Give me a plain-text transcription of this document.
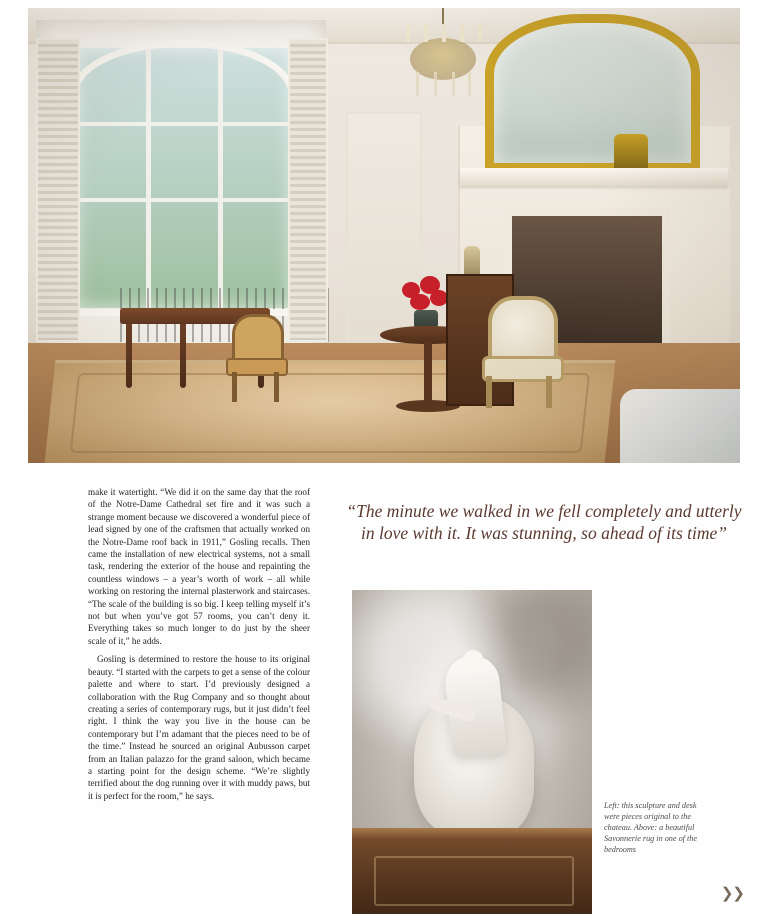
make it watertight. “We did it on the same day that the roof of the Notre-Dame Cathedral set fire and it was such a strange moment because we discovered a wonderful piece of lead signed by one of the craftsmen that actually worked on the Notre-Dame roof back in 1911,” Gosling recalls. Then came the installation of new electrical systems, not a small task, rendering the exterior of the house and repainting the countless windows – a year’s worth of work – all while working on restoring the internal plasterwork and staircases. “The scale of the building is so big. I keep telling myself it’s not but when you’ve got 57 rooms, you can’t deny it. Everything takes so much longer to do just by the sheer scale of it,” he adds.

Gosling is determined to restore the house to its original beauty. “I started with the carpets to get a sense of the colour palette and where to start. I’d previously designed a collaboration with the Rug Company and so thought about creating a series of contemporary rugs, but it just didn’t feel right. I think the way you live in the house can be contemporary but I’m adamant that the pieces need to be of the time.” Instead he sourced an original Aubusson carpet from an Italian palazzo for the grand saloon, which became a starting point for the design scheme. “We’re slightly terrified about the dog running over it with muddy paws, but it is perfect for the room,” he says.

“The minute we walked in we fell completely and utterly in love with it. It was stunning, so ahead of its time”
Left: this sculpture and desk were pieces original to the chateau. Above: a beautiful Savonnerie rug in one of the bedrooms
❯❯
